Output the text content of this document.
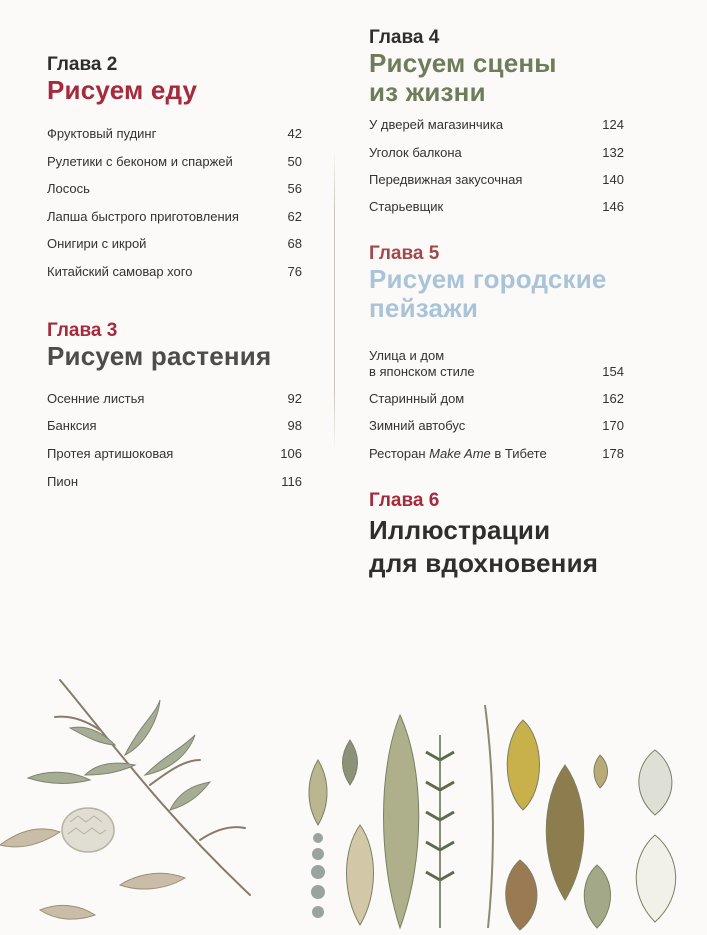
Глава 2
Рисуем еду
Фруктовый пудинг	42
Рулетики с беконом и спаржей	50
Лосось	56
Лапша быстрого приготовления	62
Онигири с икрой	68
Китайский самовар хого	76
Глава 3
Рисуем растения
Осенние листья	92
Банксия	98
Протея артишоковая	106
Пион	116
Глава 4
Рисуем сцены
из жизни
У дверей магазинчика	124
Уголок балкона	132
Передвижная закусочная	140
Старьевщик	146
Глава 5
Рисуем городские
пейзажи
Улица и дом
в японском стиле	154
Старинный дом	162
Зимний автобус	170
Ресторан Make Ame в Тибете	178
Глава 6
Иллюстрации
для вдохновения
